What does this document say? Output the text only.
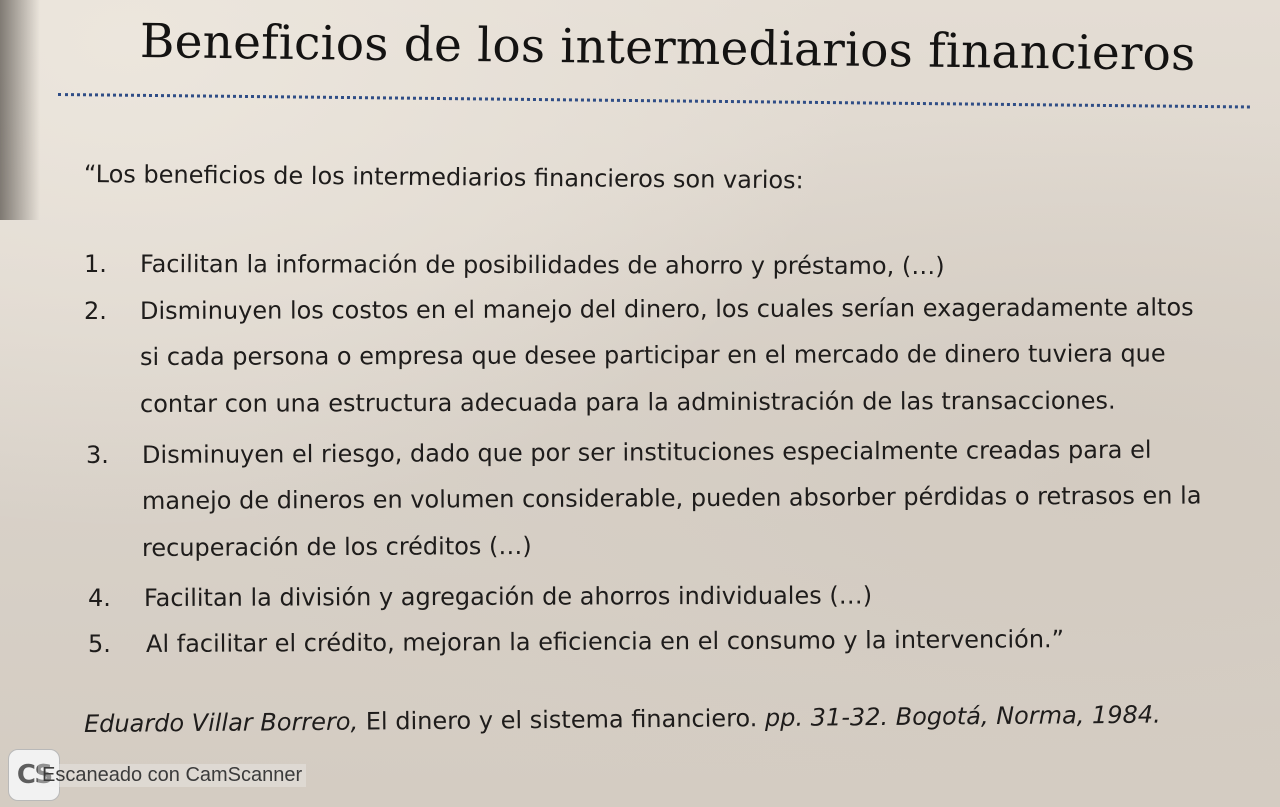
Beneficios de los intermediarios financieros
“Los beneficios de los intermediarios financieros son varios:
1. Facilitan la información de posibilidades de ahorro y préstamo, (…)
2. Disminuyen los costos en el manejo del dinero, los cuales serían exageradamente altos
si cada persona o empresa que desee participar en el mercado de dinero tuviera que
contar con una estructura adecuada para la administración de las transacciones.
3. Disminuyen el riesgo, dado que por ser instituciones especialmente creadas para el
manejo de dineros en volumen considerable, pueden absorber pérdidas o retrasos en la
recuperación de los créditos (…)
4. Facilitan la división y agregación de ahorros individuales (…)
5. Al facilitar el crédito, mejoran la eficiencia en el consumo y la intervención.”
Eduardo Villar Borrero, El dinero y el sistema financiero. pp. 31-32. Bogotá, Norma, 1984.
CS
Escaneado con CamScanner
